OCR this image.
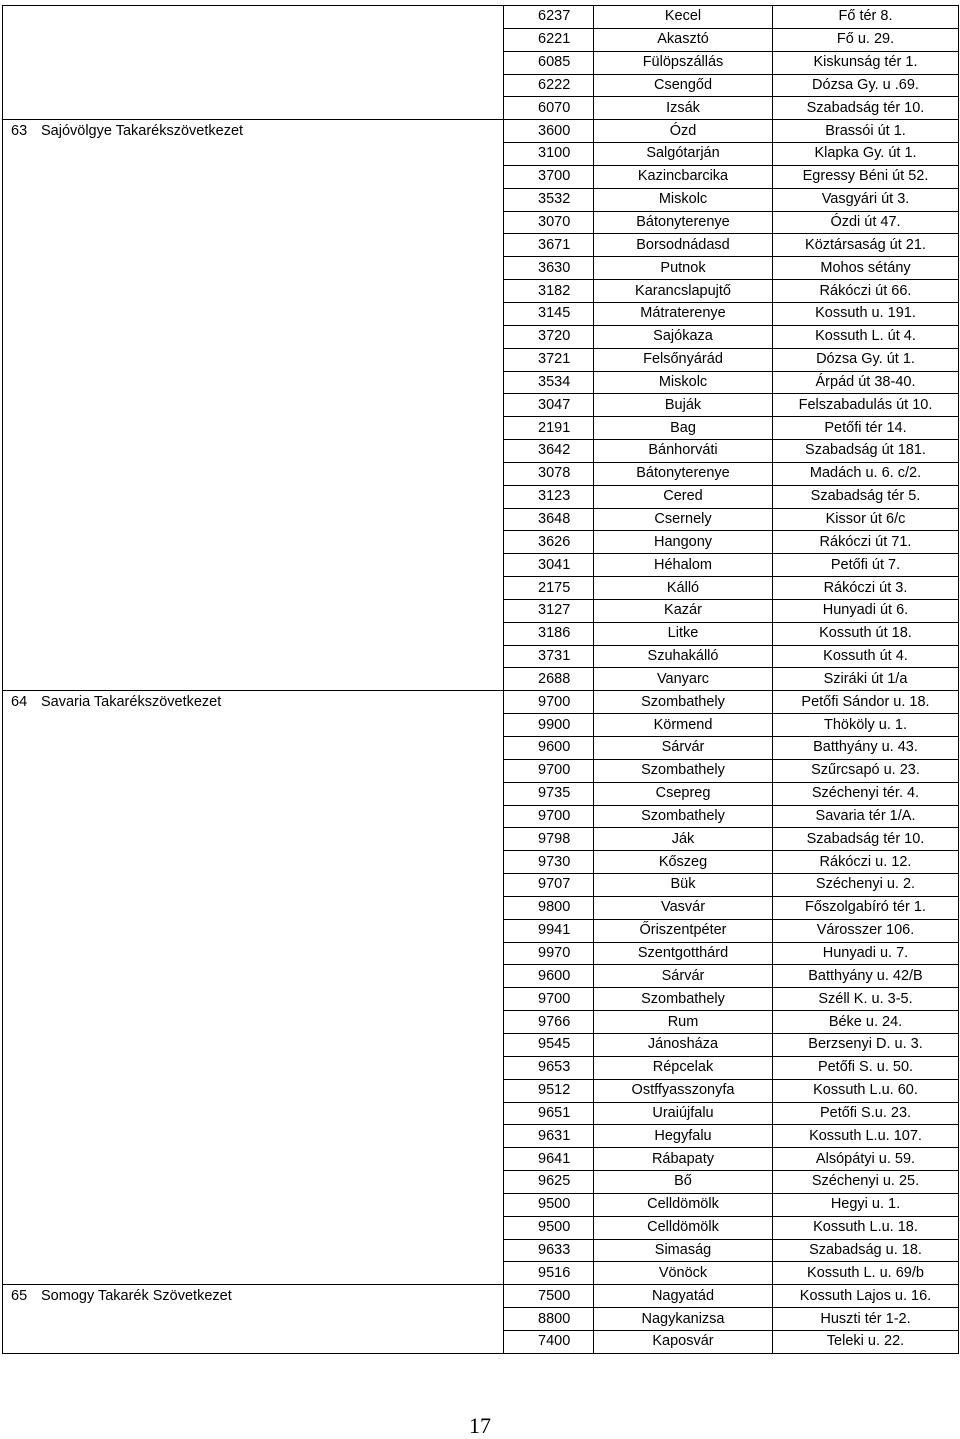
	6237	Kecel	Fő tér 8.
	6221	Akasztó	Fő u. 29.
	6085	Fülöpszállás	Kiskunság tér 1.
	6222	Csengőd	Dózsa Gy. u .69.
	6070	Izsák	Szabadság tér 10.
63 Sajóvölgye Takarékszövetkezet	3600	Ózd	Brassói út 1.
	3100	Salgótarján	Klapka Gy. út 1.
	3700	Kazincbarcika	Egressy Béni út 52.
	3532	Miskolc	Vasgyári út 3.
	3070	Bátonyterenye	Ózdi út 47.
	3671	Borsodnádasd	Köztársaság út 21.
	3630	Putnok	Mohos sétány
	3182	Karancslapujtő	Rákóczi út 66.
	3145	Mátraterenye	Kossuth u. 191.
	3720	Sajókaza	Kossuth L. út 4.
	3721	Felsőnyárád	Dózsa Gy. út 1.
	3534	Miskolc	Árpád út 38-40.
	3047	Buják	Felszabadulás út 10.
	2191	Bag	Petőfi tér 14.
	3642	Bánhorváti	Szabadság út 181.
	3078	Bátonyterenye	Madách u. 6. c/2.
	3123	Cered	Szabadság tér 5.
	3648	Csernely	Kissor út 6/c
	3626	Hangony	Rákóczi út 71.
	3041	Héhalom	Petőfi út 7.
	2175	Kálló	Rákóczi út 3.
	3127	Kazár	Hunyadi út 6.
	3186	Litke	Kossuth út 18.
	3731	Szuhakálló	Kossuth út 4.
	2688	Vanyarc	Sziráki út 1/a
64 Savaria Takarékszövetkezet	9700	Szombathely	Petőfi Sándor u. 18.
	9900	Körmend	Thököly u. 1.
	9600	Sárvár	Batthyány u. 43.
	9700	Szombathely	Szűrcsapó u. 23.
	9735	Csepreg	Széchenyi tér. 4.
	9700	Szombathely	Savaria tér 1/A.
	9798	Ják	Szabadság tér 10.
	9730	Kőszeg	Rákóczi u. 12.
	9707	Bük	Széchenyi u. 2.
	9800	Vasvár	Főszolgabíró tér 1.
	9941	Őriszentpéter	Városszer 106.
	9970	Szentgotthárd	Hunyadi u. 7.
	9600	Sárvár	Batthyány u. 42/B
	9700	Szombathely	Széll K. u. 3-5.
	9766	Rum	Béke u. 24.
	9545	Jánosháza	Berzsenyi D. u. 3.
	9653	Répcelak	Petőfi S. u. 50.
	9512	Ostffyasszonyfa	Kossuth L.u. 60.
	9651	Uraiújfalu	Petőfi S.u. 23.
	9631	Hegyfalu	Kossuth L.u. 107.
	9641	Rábapaty	Alsópátyi u. 59.
	9625	Bő	Széchenyi u. 25.
	9500	Celldömölk	Hegyi u. 1.
	9500	Celldömölk	Kossuth L.u. 18.
	9633	Simaság	Szabadság u. 18.
	9516	Vönöck	Kossuth L. u. 69/b
65 Somogy Takarék Szövetkezet	7500	Nagyatád	Kossuth Lajos u. 16.
	8800	Nagykanizsa	Huszti tér 1-2.
	7400	Kaposvár	Teleki u. 22.
17
